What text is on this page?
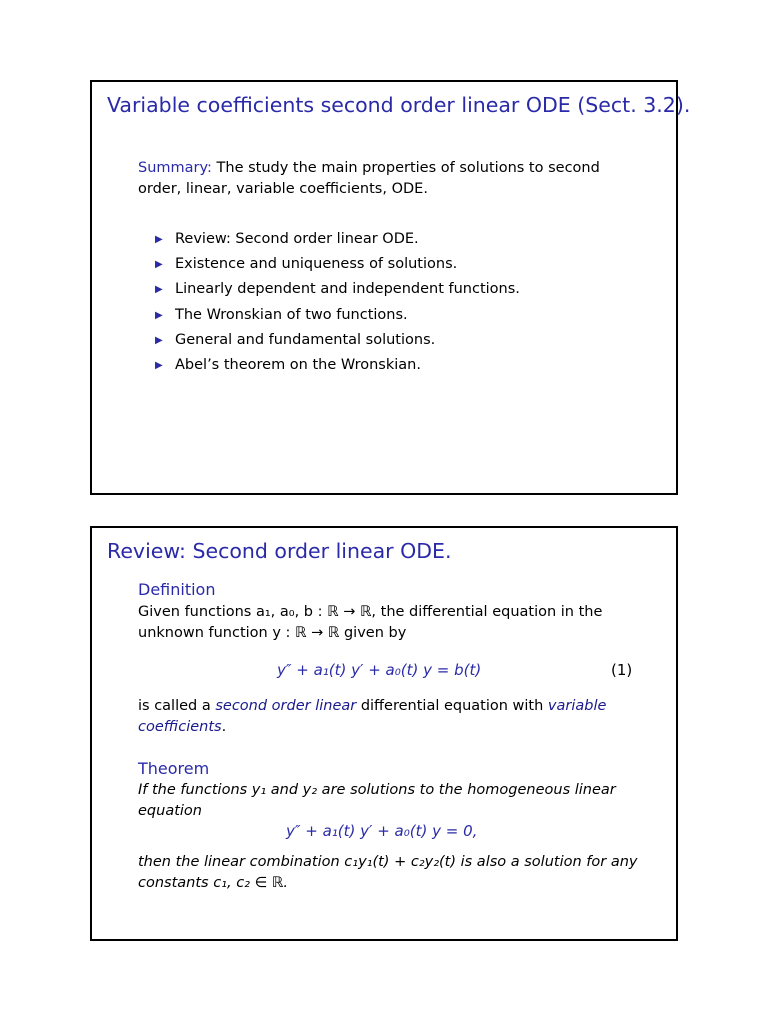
Variable coefficients second order linear ODE (Sect. 3.2).
Summary: The study the main properties of solutions to second order, linear, variable coefficients, ODE.
▶ Review: Second order linear ODE.
▶ Existence and uniqueness of solutions.
▶ Linearly dependent and independent functions.
▶ The Wronskian of two functions.
▶ General and fundamental solutions.
▶ Abel’s theorem on the Wronskian.
Review: Second order linear ODE.
Definition
Given functions a₁, a₀, b : ℝ → ℝ, the differential equation in the unknown function y : ℝ → ℝ given by
y″ + a₁(t) y′ + a₀(t) y = b(t)	(1)
is called a second order linear differential equation with variable coefficients.
Theorem
If the functions y₁ and y₂ are solutions to the homogeneous linear equation
y″ + a₁(t) y′ + a₀(t) y = 0,
then the linear combination c₁y₁(t) + c₂y₂(t) is also a solution for any constants c₁, c₂ ∈ ℝ.
